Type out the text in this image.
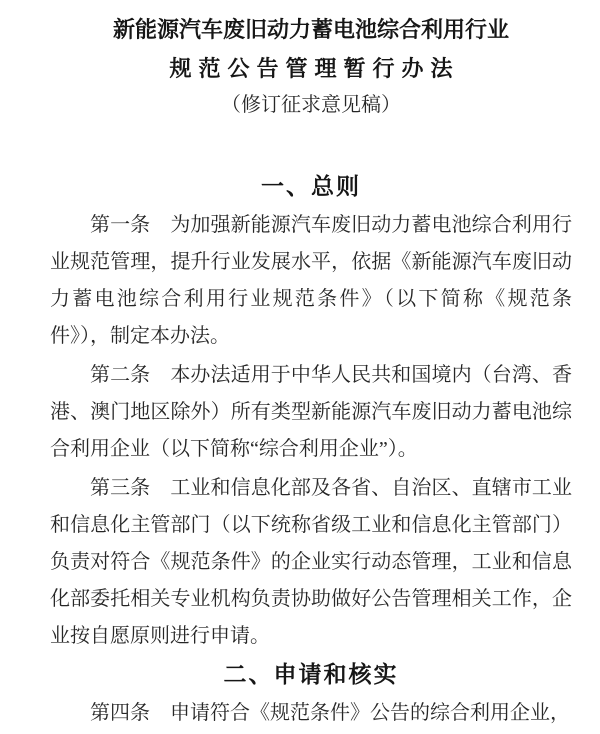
新能源汽车废旧动力蓄电池综合利用行业
规范公告管理暂行办法
（修订征求意见稿）
一、总则

第一条　为加强新能源汽车废旧动力蓄电池综合利用行业规范管理，提升行业发展水平，依据《新能源汽车废旧动力蓄电池综合利用行业规范条件》（以下简称《规范条件》），制定本办法。

第二条　本办法适用于中华人民共和国境内（台湾、香港、澳门地区除外）所有类型新能源汽车废旧动力蓄电池综合利用企业（以下简称“综合利用企业”）。

第三条　工业和信息化部及各省、自治区、直辖市工业和信息化主管部门（以下统称省级工业和信息化主管部门）负责对符合《规范条件》的企业实行动态管理，工业和信息化部委托相关专业机构负责协助做好公告管理相关工作，企业按自愿原则进行申请。

二、申请和核实

第四条　申请符合《规范条件》公告的综合利用企业，
